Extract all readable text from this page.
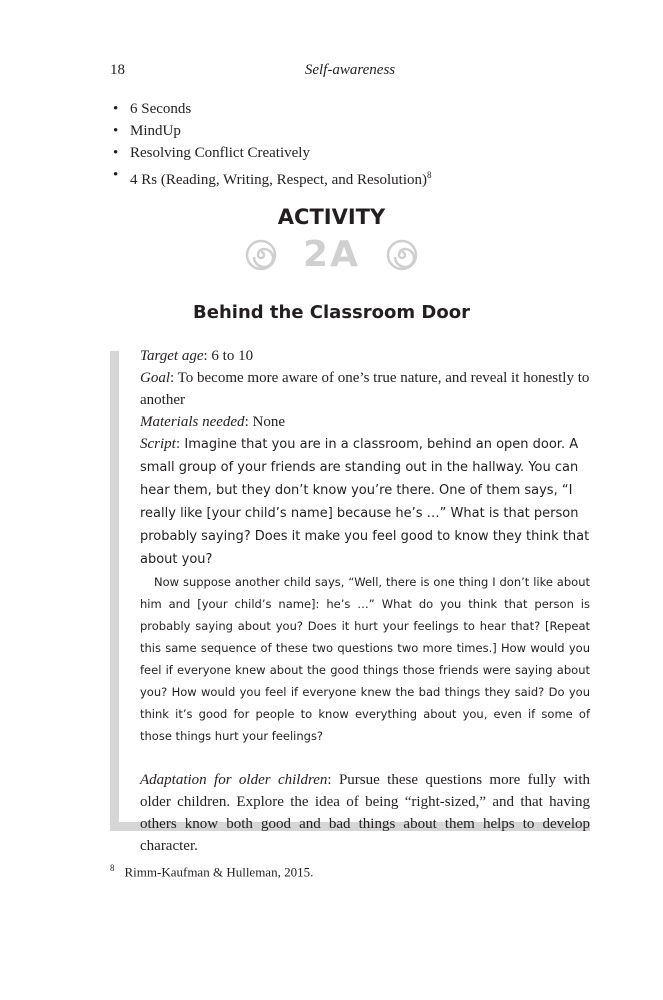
18	Self-awareness
• 6 Seconds
• MindUp
• Resolving Conflict Creatively
• 4 Rs (Reading, Writing, Respect, and Resolution)$^8$
ACTIVITY
2A
Behind the Classroom Door

Target age: 6 to 10

Goal: To become more aware of one’s true nature, and reveal it honestly to another

Materials needed: None

Script: Imagine that you are in a classroom, behind an open door. A small group of your friends are standing out in the hallway. You can hear them, but they don’t know you’re there. One of them says, “I really like [your child’s name] because he’s …” What is that person probably saying? Does it make you feel good to know they think that about you?

Now suppose another child says, “Well, there is one thing I don’t like about him and [your child’s name]: he’s …” What do you think that person is probably saying about you? Does it hurt your feelings to hear that? [Repeat this same sequence of these two questions two more times.] How would you feel if everyone knew about the good things those friends were saying about you? How would you feel if everyone knew the bad things they said? Do you think it’s good for people to know everything about you, even if some of those things hurt your feelings?

Adaptation for older children: Pursue these questions more fully with older children. Explore the idea of being “right-sized,” and that having others know both good and bad things about them helps to develop character.

$^8$ Rimm-Kaufman & Hulleman, 2015.
